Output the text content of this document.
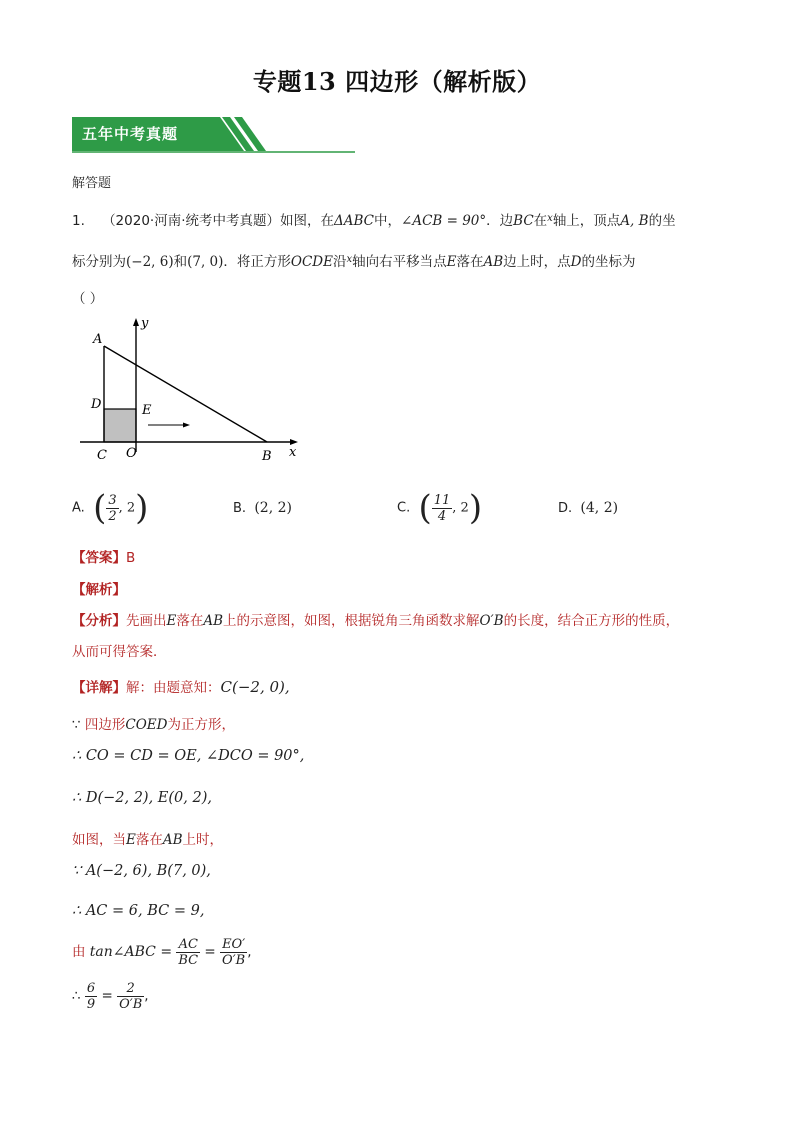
专题13 四边形（解析版）
五年中考真题
解答题
1. （2020·河南·统考中考真题）如图，在ΔABC中，∠ACB = 90°．边BC在$^x$轴上，顶点A, B的坐
标分别为(−2, 6)和(7, 0)．将正方形OCDE沿$^x$轴向右平移当点E落在AB边上时，点D的坐标为
（ ）
A
D	E
C O	B x
y
A. ( $\frac{3}{2}$ , 2)	B. (2, 2)	C. ( $\frac{11}{4}$ , 2)	D. (4, 2)
【答案】B
【解析】
【分析】先画出E落在AB上的示意图，如图，根据锐角三角函数求解O′B的长度，结合正方形的性质，
从而可得答案．
【详解】解：由题意知：C(−2, 0),
∵ 四边形COED为正方形，
∴ CO = CD = OE, ∠DCO = 90°,
∴ D(−2, 2), E(0, 2),
如图，当E落在AB上时，
∵ A(−2, 6), B(7, 0),
∴ AC = 6, BC = 9,
由 tan∠ABC = $\frac{AC}{BC} = \frac{EO'}{O'B}$ ,
∴ $\frac{6}{9} = \frac{2}{O'B}$ ,
